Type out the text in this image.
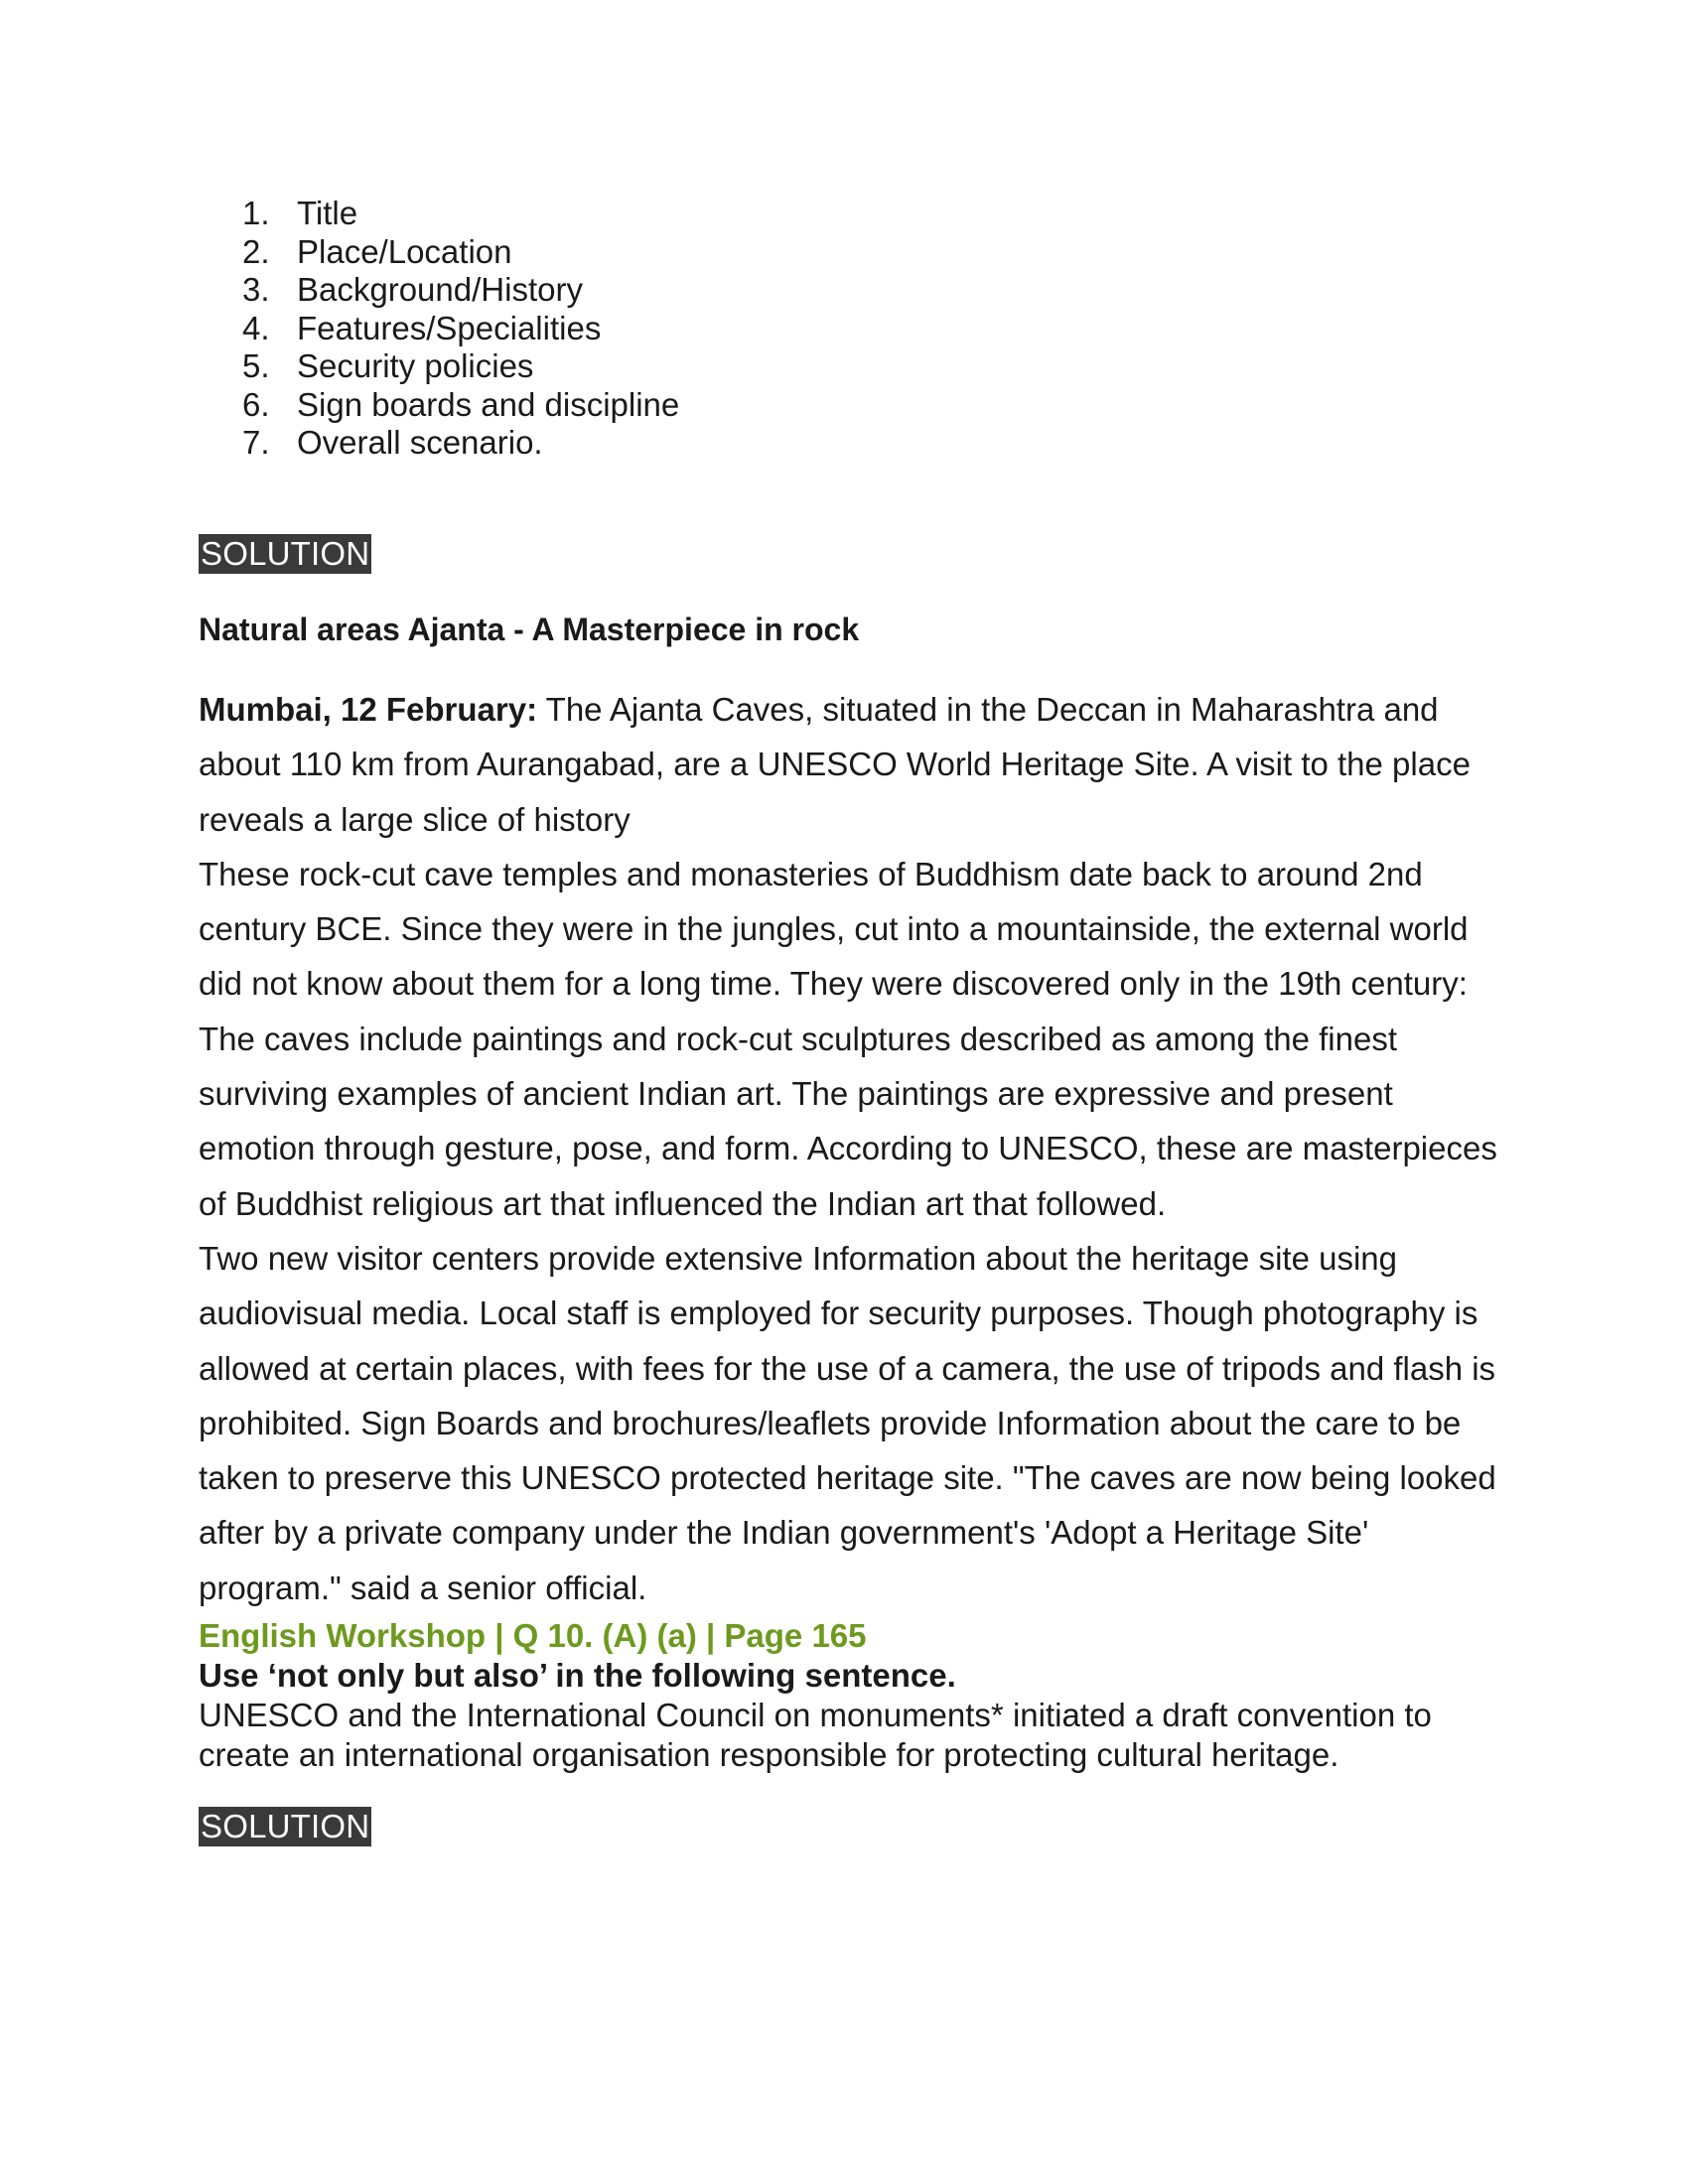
1. Title
2. Place/Location
3. Background/History
4. Features/Specialities
5. Security policies
6. Sign boards and discipline
7. Overall scenario.
SOLUTION
Natural areas Ajanta - A Masterpiece in rock

Mumbai, 12 February: The Ajanta Caves, situated in the Deccan in Maharashtra and about 110 km from Aurangabad, are a UNESCO World Heritage Site. A visit to the place reveals a large slice of history

These rock-cut cave temples and monasteries of Buddhism date back to around 2nd century BCE. Since they were in the jungles, cut into a mountainside, the external world did not know about them for a long time. They were discovered only in the 19th century: The caves include paintings and rock-cut sculptures described as among the finest surviving examples of ancient Indian art. The paintings are expressive and present emotion through gesture, pose, and form. According to UNESCO, these are masterpieces of Buddhist religious art that influenced the Indian art that followed.

Two new visitor centers provide extensive Information about the heritage site using audiovisual media. Local staff is employed for security purposes. Though photography is allowed at certain places, with fees for the use of a camera, the use of tripods and flash is prohibited. Sign Boards and brochures/leaflets provide Information about the care to be taken to preserve this UNESCO protected heritage site. "The caves are now being looked after by a private company under the Indian government's 'Adopt a Heritage Site' program." said a senior official.

English Workshop | Q 10. (A) (a) | Page 165

Use ‘not only but also’ in the following sentence.

UNESCO and the International Council on monuments* initiated a draft convention to create an international organisation responsible for protecting cultural heritage.

SOLUTION
